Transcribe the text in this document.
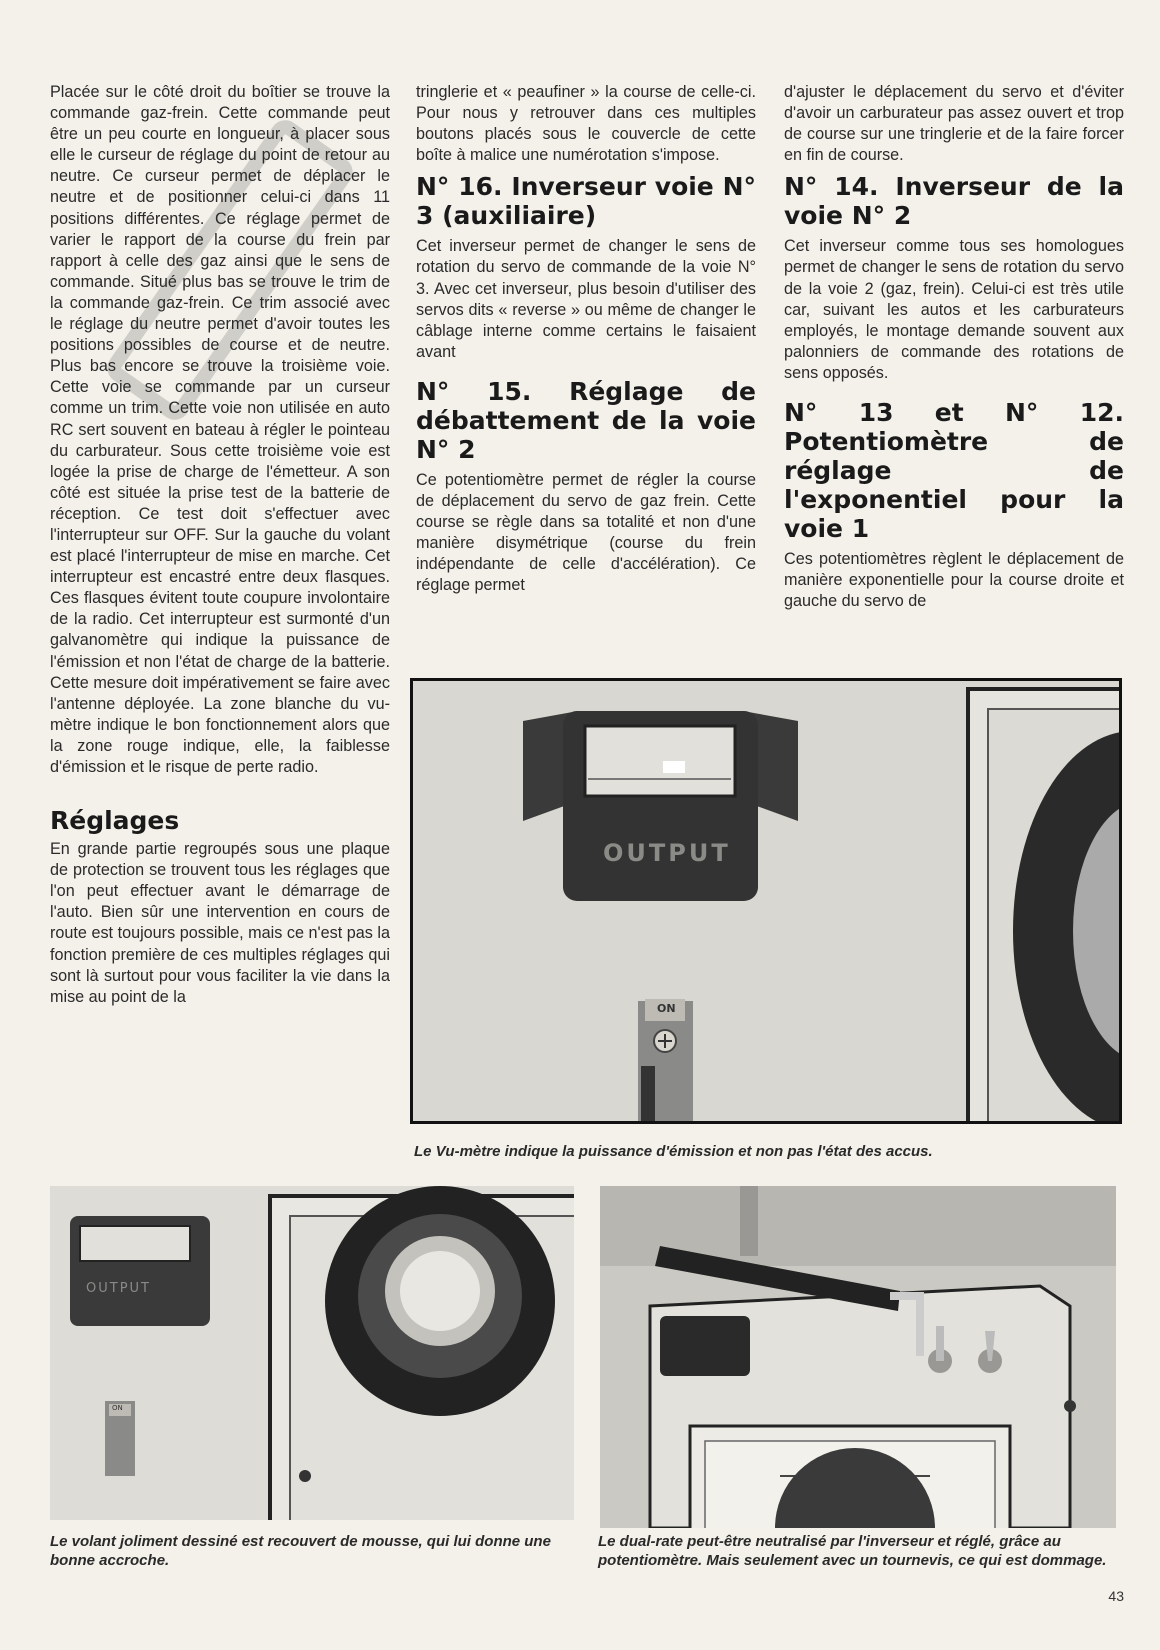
Placée sur le côté droit du boîtier se trouve la commande gaz-frein. Cette commande peut être un peu courte en longueur, à placer sous elle le curseur de réglage du point de retour au neutre. Ce curseur permet de déplacer le neutre et de positionner celui-ci dans 11 positions différentes. Ce réglage permet de varier le rapport de la course du frein par rapport à celle des gaz ainsi que le sens de commande. Situé plus bas se trouve le trim de la commande gaz-frein. Ce trim associé avec le réglage du neutre permet d'avoir toutes les positions possibles de course et de neutre. Plus bas encore se trouve la troisième voie. Cette voie se commande par un curseur comme un trim. Cette voie non utilisée en auto RC sert souvent en bateau à régler le pointeau du carburateur. Sous cette troisième voie est logée la prise de charge de l'émetteur. A son côté est située la prise test de la batterie de réception. Ce test doit s'effectuer avec l'interrupteur sur OFF. Sur la gauche du volant est placé l'interrupteur de mise en marche. Cet interrupteur est encastré entre deux flasques. Ces flasques évitent toute coupure involontaire de la radio. Cet interrupteur est surmonté d'un galvanomètre qui indique la puissance de l'émission et non l'état de charge de la batterie. Cette mesure doit impérativement se faire avec l'antenne déployée. La zone blanche du vu-mètre indique le bon fonctionnement alors que la zone rouge indique, elle, la faiblesse d'émission et le risque de perte radio.

Réglages

En grande partie regroupés sous une plaque de protection se trouvent tous les réglages que l'on peut effectuer avant le démarrage de l'auto. Bien sûr une intervention en cours de route est toujours possible, mais ce n'est pas la fonction première de ces multiples réglages qui sont là surtout pour vous faciliter la vie dans la mise au point de la

tringlerie et « peaufiner » la course de celle-ci. Pour nous y retrouver dans ces multiples boutons placés sous le couvercle de cette boîte à malice une numérotation s'impose.

N° 16. Inverseur voie N° 3 (auxiliaire)

Cet inverseur permet de changer le sens de rotation du servo de commande de la voie N° 3. Avec cet inverseur, plus besoin d'utiliser des servos dits « reverse » ou même de changer le câblage interne comme certains le faisaient avant

N° 15. Réglage de débattement de la voie N° 2

Ce potentiomètre permet de régler la course de déplacement du servo de gaz frein. Cette course se règle dans sa totalité et non d'une manière disymétrique (course du frein indépendante de celle d'accélération). Ce réglage permet

d'ajuster le déplacement du servo et d'éviter d'avoir un carburateur pas assez ouvert et trop de course sur une tringlerie et de la faire forcer en fin de course.

N° 14. Inverseur de la voie N° 2

Cet inverseur comme tous ses homologues permet de changer le sens de rotation du servo de la voie 2 (gaz, frein). Celui-ci est très utile car, suivant les autos et les carburateurs employés, le montage demande souvent aux palonniers de commande des rotations de sens opposés.

N° 13 et N° 12. Potentiomètre de réglage de l'exponentiel pour la voie 1

Ces potentiomètres règlent le déplacement de manière exponentielle pour la course droite et gauche du servo de

OUTPUT
ON
Le Vu-mètre indique la puissance d'émission et non pas l'état des accus.
OUTPUT
ON
Le volant joliment dessiné est recouvert de mousse, qui lui donne une bonne accroche.
Le dual-rate peut-être neutralisé par l'inverseur et réglé, grâce au potentiomètre. Mais seulement avec un tournevis, ce qui est dommage.
43
